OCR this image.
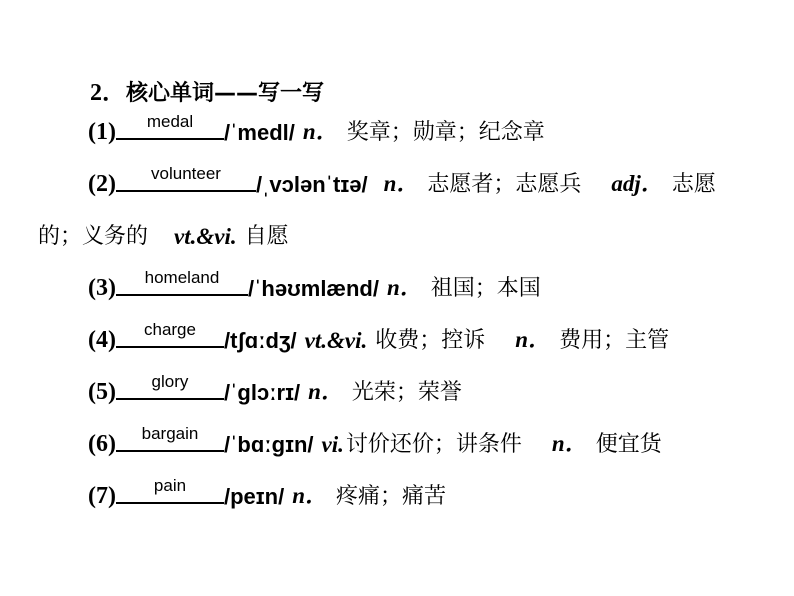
2．核心单词——写一写
(1)	medal	/ˈmedl/ n． 奖章；勋章；纪念章
(2)	volunteer	/ˌvɔlənˈtɪə/ n． 志愿者；志愿兵 adj． 志愿
的；义务的 vt.&vi. 自愿
(3)	homeland	/ˈhəʊmlænd/ n． 祖国；本国
(4)	charge	/tʃɑːdʒ/ vt.&vi. 收费；控诉 n． 费用；主管
(5)	glory	/ˈglɔːrɪ/ n． 光荣；荣誉
(6)	bargain	/ˈbɑːgɪn/ vi. 讨价还价；讲条件 n． 便宜货
(7)	pain	/peɪn/ n． 疼痛；痛苦
